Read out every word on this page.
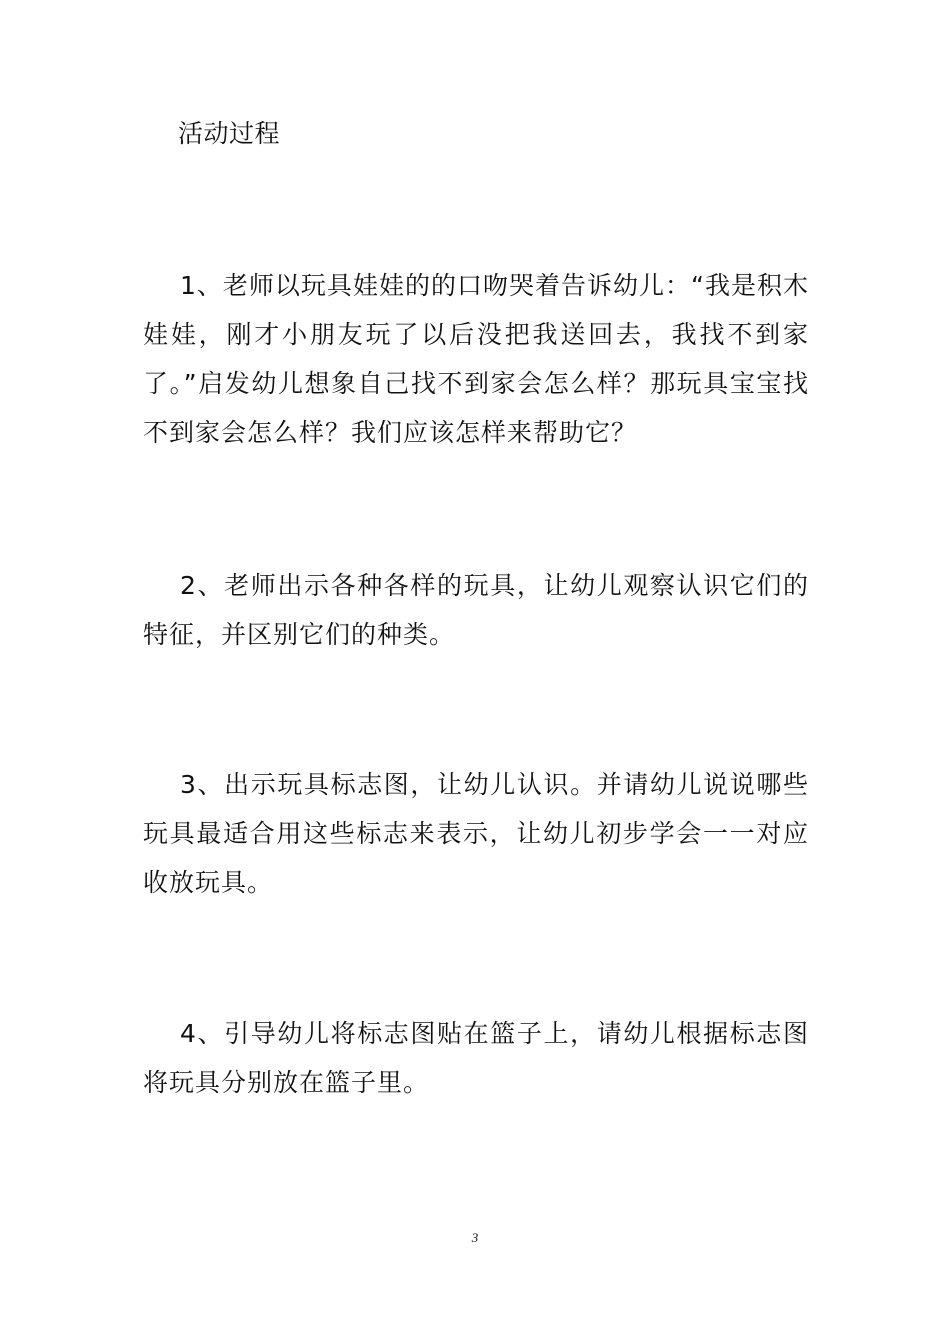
活动过程

1、老师以玩具娃娃的的口吻哭着告诉幼儿：“我是积木娃娃，刚才小朋友玩了以后没把我送回去，我找不到家了。”启发幼儿想象自己找不到家会怎么样？那玩具宝宝找不到家会怎么样？我们应该怎样来帮助它？

2、老师出示各种各样的玩具，让幼儿观察认识它们的特征，并区别它们的种类。

3、出示玩具标志图，让幼儿认识。并请幼儿说说哪些玩具最适合用这些标志来表示，让幼儿初步学会一一对应收放玩具。

4、引导幼儿将标志图贴在篮子上，请幼儿根据标志图将玩具分别放在篮子里。

3
